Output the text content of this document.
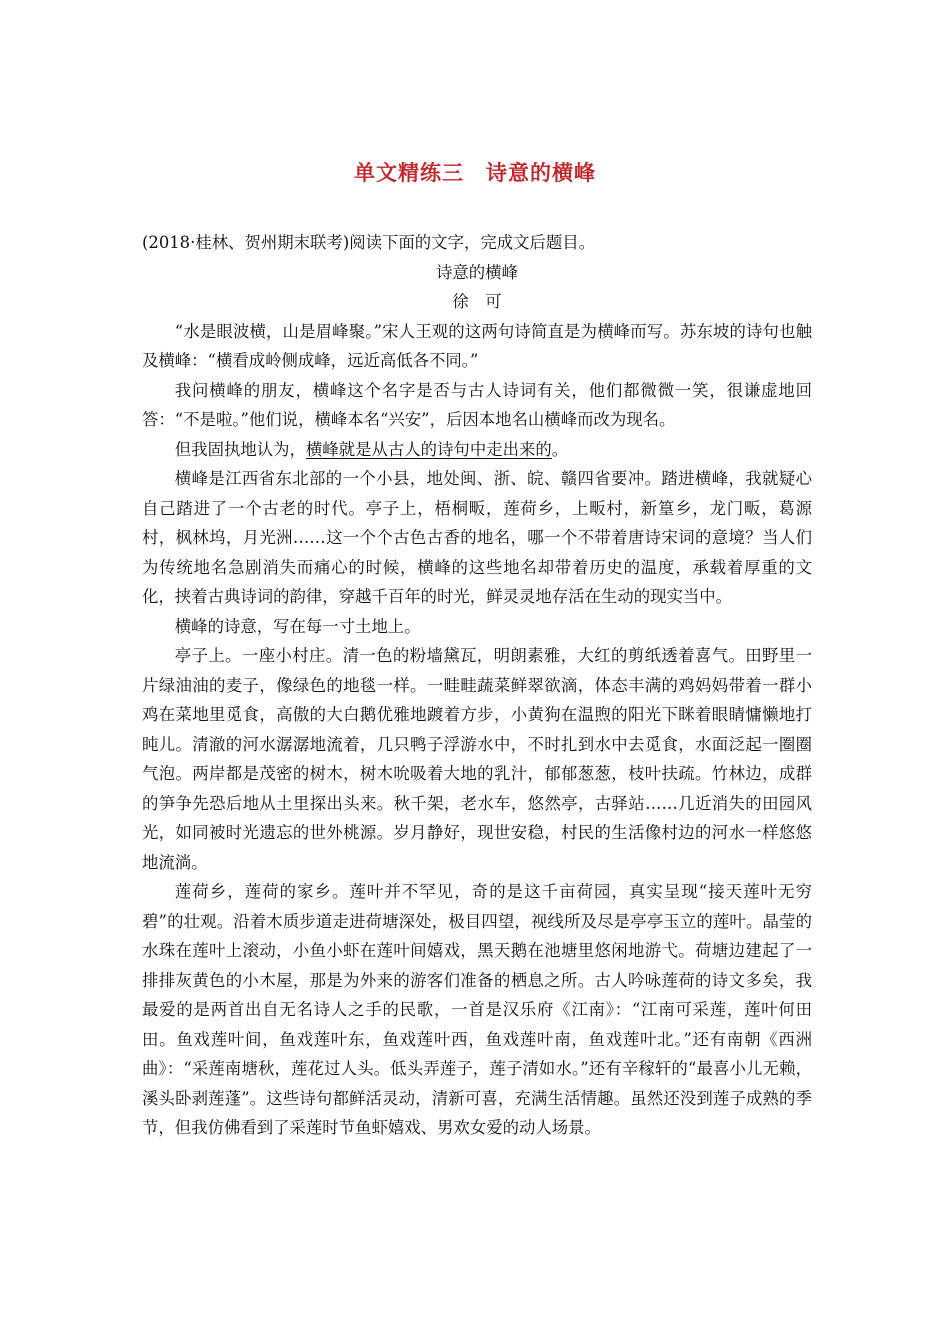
单文精练三　诗意的横峰
(2018·桂林、贺州期末联考)阅读下面的文字，完成文后题目。
诗意的横峰
徐　可
“水是眼波横，山是眉峰聚。”宋人王观的这两句诗简直是为横峰而写。苏东坡的诗句也触及横峰：“横看成岭侧成峰，远近高低各不同。”
我问横峰的朋友，横峰这个名字是否与古人诗词有关，他们都微微一笑，很谦虚地回答：“不是啦。”他们说，横峰本名“兴安”，后因本地名山横峰而改为现名。
但我固执地认为，横峰就是从古人的诗句中走出来的。
横峰是江西省东北部的一个小县，地处闽、浙、皖、赣四省要冲。踏进横峰，我就疑心自己踏进了一个古老的时代。亭子上，梧桐畈，莲荷乡，上畈村，新篁乡，龙门畈，葛源村，枫林坞，月光洲……这一个个古色古香的地名，哪一个不带着唐诗宋词的意境？当人们为传统地名急剧消失而痛心的时候，横峰的这些地名却带着历史的温度，承载着厚重的文化，挟着古典诗词的韵律，穿越千百年的时光，鲜灵灵地存活在生动的现实当中。
横峰的诗意，写在每一寸土地上。
亭子上。一座小村庄。清一色的粉墙黛瓦，明朗素雅，大红的剪纸透着喜气。田野里一片绿油油的麦子，像绿色的地毯一样。一畦畦蔬菜鲜翠欲滴，体态丰满的鸡妈妈带着一群小鸡在菜地里觅食，高傲的大白鹅优雅地踱着方步，小黄狗在温煦的阳光下眯着眼睛慵懒地打盹儿。清澈的河水潺潺地流着，几只鸭子浮游水中，不时扎到水中去觅食，水面泛起一圈圈气泡。两岸都是茂密的树木，树木吮吸着大地的乳汁，郁郁葱葱，枝叶扶疏。竹林边，成群的笋争先恐后地从土里探出头来。秋千架，老水车，悠然亭，古驿站……几近消失的田园风光，如同被时光遗忘的世外桃源。岁月静好，现世安稳，村民的生活像村边的河水一样悠悠地流淌。
莲荷乡，莲荷的家乡。莲叶并不罕见，奇的是这千亩荷园，真实呈现“接天莲叶无穷碧”的壮观。沿着木质步道走进荷塘深处，极目四望，视线所及尽是亭亭玉立的莲叶。晶莹的水珠在莲叶上滚动，小鱼小虾在莲叶间嬉戏，黑天鹅在池塘里悠闲地游弋。荷塘边建起了一排排灰黄色的小木屋，那是为外来的游客们准备的栖息之所。古人吟咏莲荷的诗文多矣，我最爱的是两首出自无名诗人之手的民歌，一首是汉乐府《江南》：“江南可采莲，莲叶何田田。鱼戏莲叶间，鱼戏莲叶东，鱼戏莲叶西，鱼戏莲叶南，鱼戏莲叶北。”还有南朝《西洲曲》：“采莲南塘秋，莲花过人头。低头弄莲子，莲子清如水。”还有辛稼轩的“最喜小儿无赖，溪头卧剥莲蓬”。这些诗句都鲜活灵动，清新可喜，充满生活情趣。虽然还没到莲子成熟的季节，但我仿佛看到了采莲时节鱼虾嬉戏、男欢女爱的动人场景。
